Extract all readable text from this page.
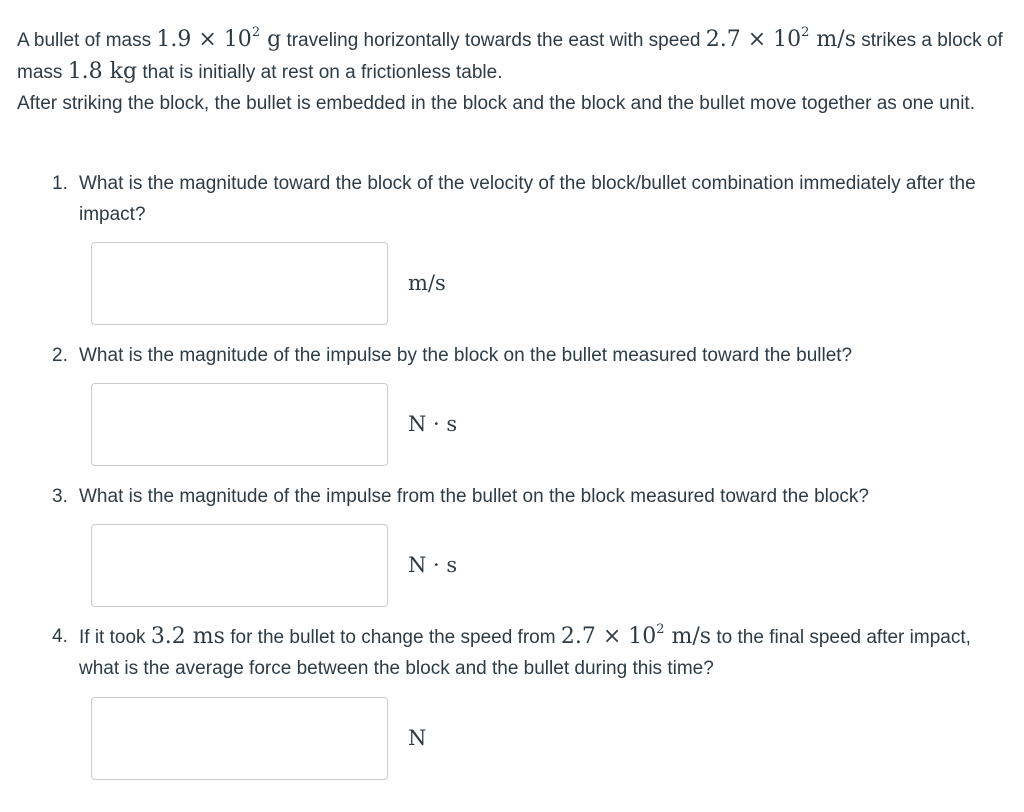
A bullet of mass $1.9 \times 10^2$ g traveling horizontally towards the east with speed $2.7 \times 10^2$ m/s strikes a block of mass 1.8 kg that is initially at rest on a frictionless table.

After striking the block, the bullet is embedded in the block and the block and the bullet move together as one unit.

1. What is the magnitude toward the block of the velocity of the block/bullet combination immediately after the impact?
m/s
2. What is the magnitude of the impulse by the block on the bullet measured toward the bullet?
N · s
3. What is the magnitude of the impulse from the bullet on the block measured toward the block?
N · s
4. If it took 3.2 ms for the bullet to change the speed from $2.7 \times 10^2$ m/s to the final speed after impact, what is the average force between the block and the bullet during this time?
N
